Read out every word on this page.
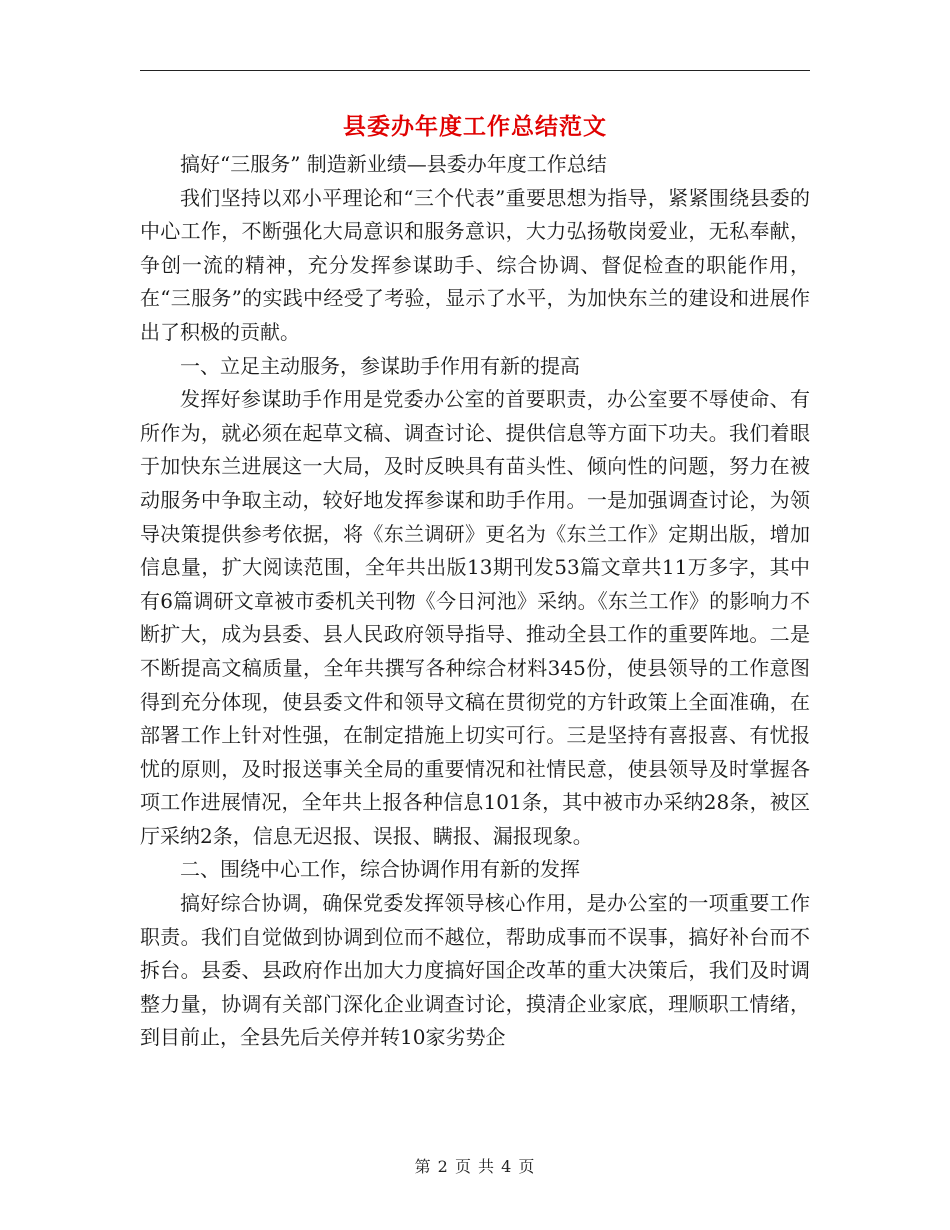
县委办年度工作总结范文

搞好“三服务” 制造新业绩—县委办年度工作总结

我们坚持以邓小平理论和“三个代表”重要思想为指导，紧紧围绕县委的中心工作，不断强化大局意识和服务意识，大力弘扬敬岗爱业，无私奉献，争创一流的精神，充分发挥参谋助手、综合协调、督促检查的职能作用，在“三服务”的实践中经受了考验，显示了水平，为加快东兰的建设和进展作出了积极的贡献。

一、立足主动服务，参谋助手作用有新的提高

发挥好参谋助手作用是党委办公室的首要职责，办公室要不辱使命、有所作为，就必须在起草文稿、调查讨论、提供信息等方面下功夫。我们着眼于加快东兰进展这一大局，及时反映具有苗头性、倾向性的问题，努力在被动服务中争取主动，较好地发挥参谋和助手作用。一是加强调查讨论，为领导决策提供参考依据，将《东兰调研》更名为《东兰工作》定期出版，增加信息量，扩大阅读范围，全年共出版13期刊发53篇文章共11万多字，其中有6篇调研文章被市委机关刊物《今日河池》采纳。《东兰工作》的影响力不断扩大，成为县委、县人民政府领导指导、推动全县工作的重要阵地。二是不断提高文稿质量，全年共撰写各种综合材料345份，使县领导的工作意图得到充分体现，使县委文件和领导文稿在贯彻党的方针政策上全面准确，在部署工作上针对性强，在制定措施上切实可行。三是坚持有喜报喜、有忧报忧的原则，及时报送事关全局的重要情况和社情民意，使县领导及时掌握各项工作进展情况，全年共上报各种信息101条，其中被市办采纳28条，被区厅采纳2条，信息无迟报、误报、瞒报、漏报现象。

二、围绕中心工作，综合协调作用有新的发挥

搞好综合协调，确保党委发挥领导核心作用，是办公室的一项重要工作职责。我们自觉做到协调到位而不越位，帮助成事而不误事，搞好补台而不拆台。县委、县政府作出加大力度搞好国企改革的重大决策后，我们及时调整力量，协调有关部门深化企业调查讨论，摸清企业家底，理顺职工情绪，到目前止，全县先后关停并转10家劣势企

第 2 页 共 4 页
